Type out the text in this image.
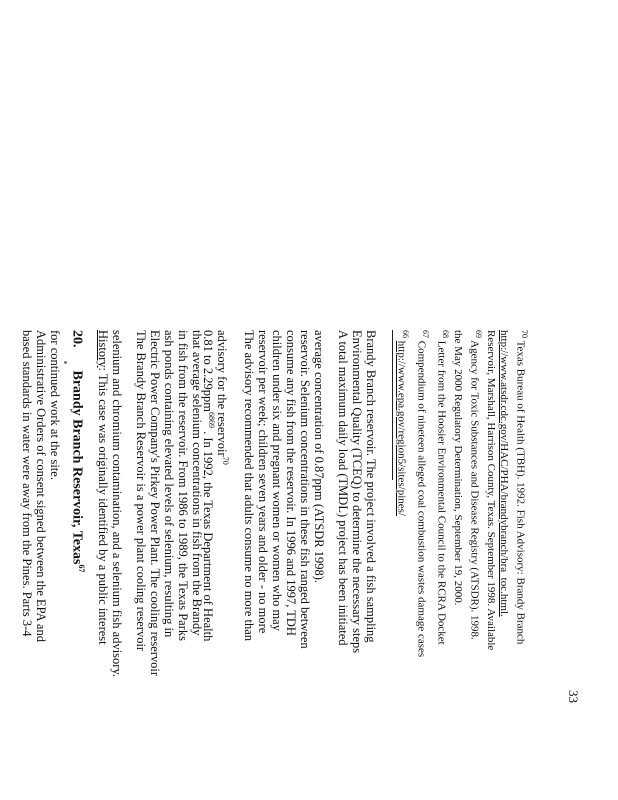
based standards in water were away from the Pines. Parts 3-4 Administrative Orders of consent signed between the EPA and for continued work at the site. 20.  Brandy Branch Reservoir, Texas$^{67}$
History: This case was originally identified by a public interest selenium and chromium contamination, and a selenium fish advisory. The Brandy Branch Reservoir is a power plant cooling reservoir Electric Power Company's Pirkey Power Plant. The cooling reservoir ash ponds containing elevated levels of selenium, resulting in in fish from the reservoir. From 1986 to 1989, the Texas Parks that average selenium concentrations in fish from the Brandy
0.81 to 2.29ppm$^{6869}$ . In 1992, the Texas Department of Health
advisory for the reservoir$^{70}$ The advisory recommended that adults consume no more than reservoir per week; children seven years and older - no more children under six and pregnant women or women who may consume any fish from the reservoir. In 1996 and 1997, TDH reservoir. Selenium concentrations in these fish ranged between average concentration of 0.87ppm (ATSDR 1998). A total maximum daily load (TMDL) project has been initiated Environmental Quality (TCEQ) to determine the necessary steps Brandy Branch reservoir. The project involved a fish sampling	$^{66}$ http://www.epa.gov/region5/sites/pines/
$^{67}$ Compendium of nineteen alleged coal combustion wastes damage cases
$^{68}$ Letter from the Hoosier Environmental Council to the RCRA Docket the May 2000 Regulatory Determination, September 19, 2000.	$^{69}$ Agency for Toxic Substances and Disease Registry (ATSDR). 1998. Reservoir, Marshall, Harrison County, Texas. September 1998. Available http://www.atsdr.cdc.gov/HAC/PHA/brandybranch/bra_toc.html.	$^{70}$ Texas Bureau of Health (TBH). 1992. Fish Advisory: Brandy Branch
33
